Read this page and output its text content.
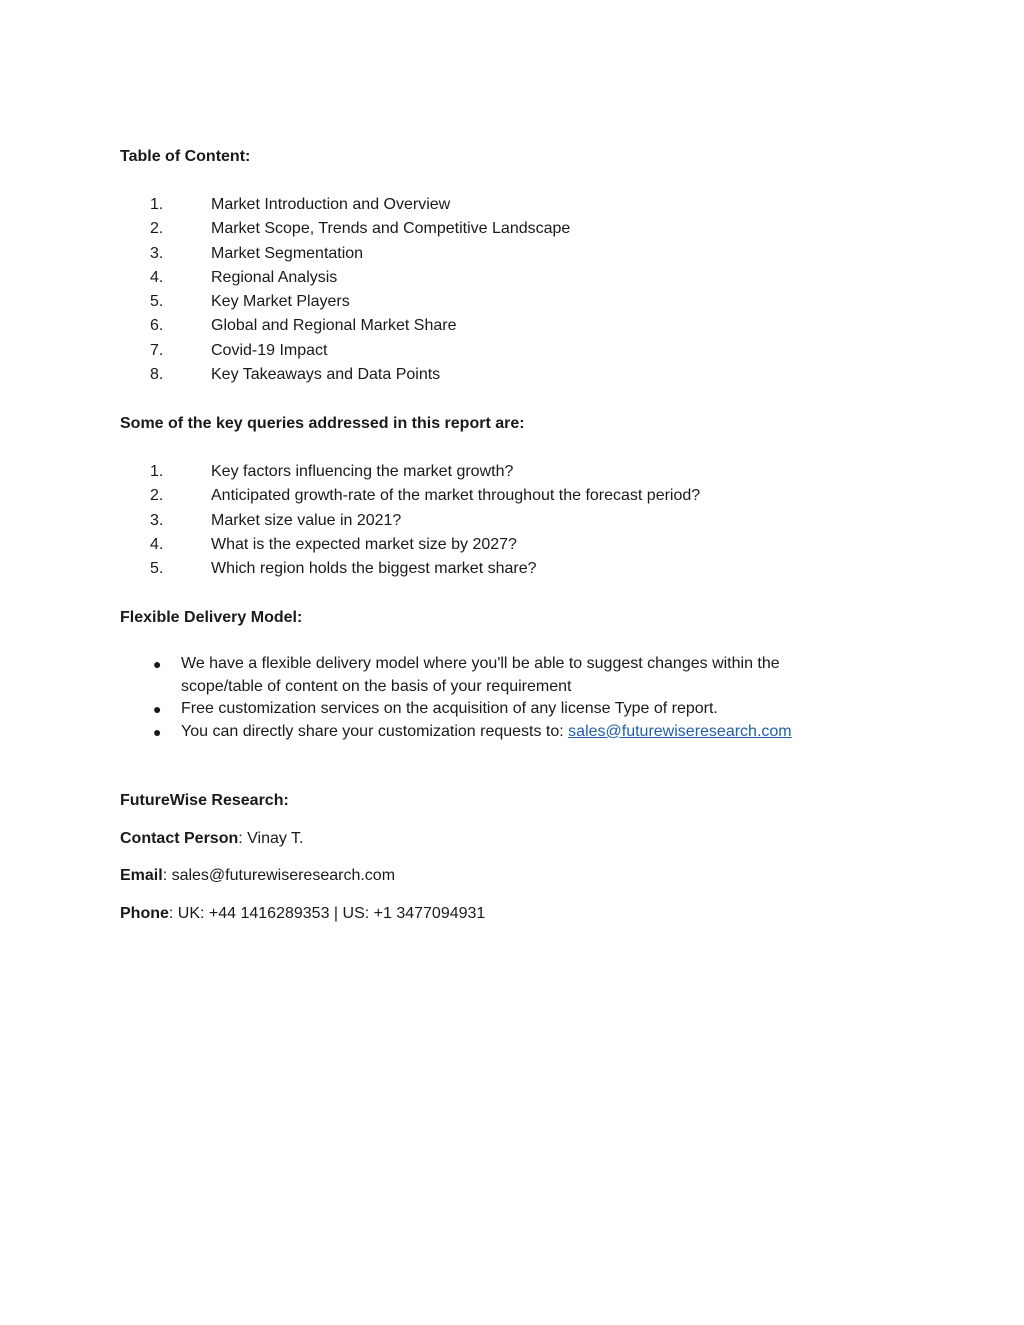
Table of Content:
1.	Market Introduction and Overview
2.	Market Scope, Trends and Competitive Landscape
3.	Market Segmentation
4.	Regional Analysis
5.	Key Market Players
6.	Global and Regional Market Share
7.	Covid-19 Impact
8.	Key Takeaways and Data Points
Some of the key queries addressed in this report are:
1.	Key factors influencing the market growth?
2.	Anticipated growth-rate of the market throughout the forecast period?
3.	Market size value in 2021?
4.	What is the expected market size by 2027?
5.	Which region holds the biggest market share?
Flexible Delivery Model:
● We have a flexible delivery model where you'll be able to suggest changes within the scope/table of content on the basis of your requirement
● Free customization services on the acquisition of any license Type of report.
● You can directly share your customization requests to: sales@futurewiseresearch.com
FutureWise Research:
Contact Person: Vinay T.
Email: sales@futurewiseresearch.com
Phone: UK: +44 1416289353 | US: +1 3477094931
